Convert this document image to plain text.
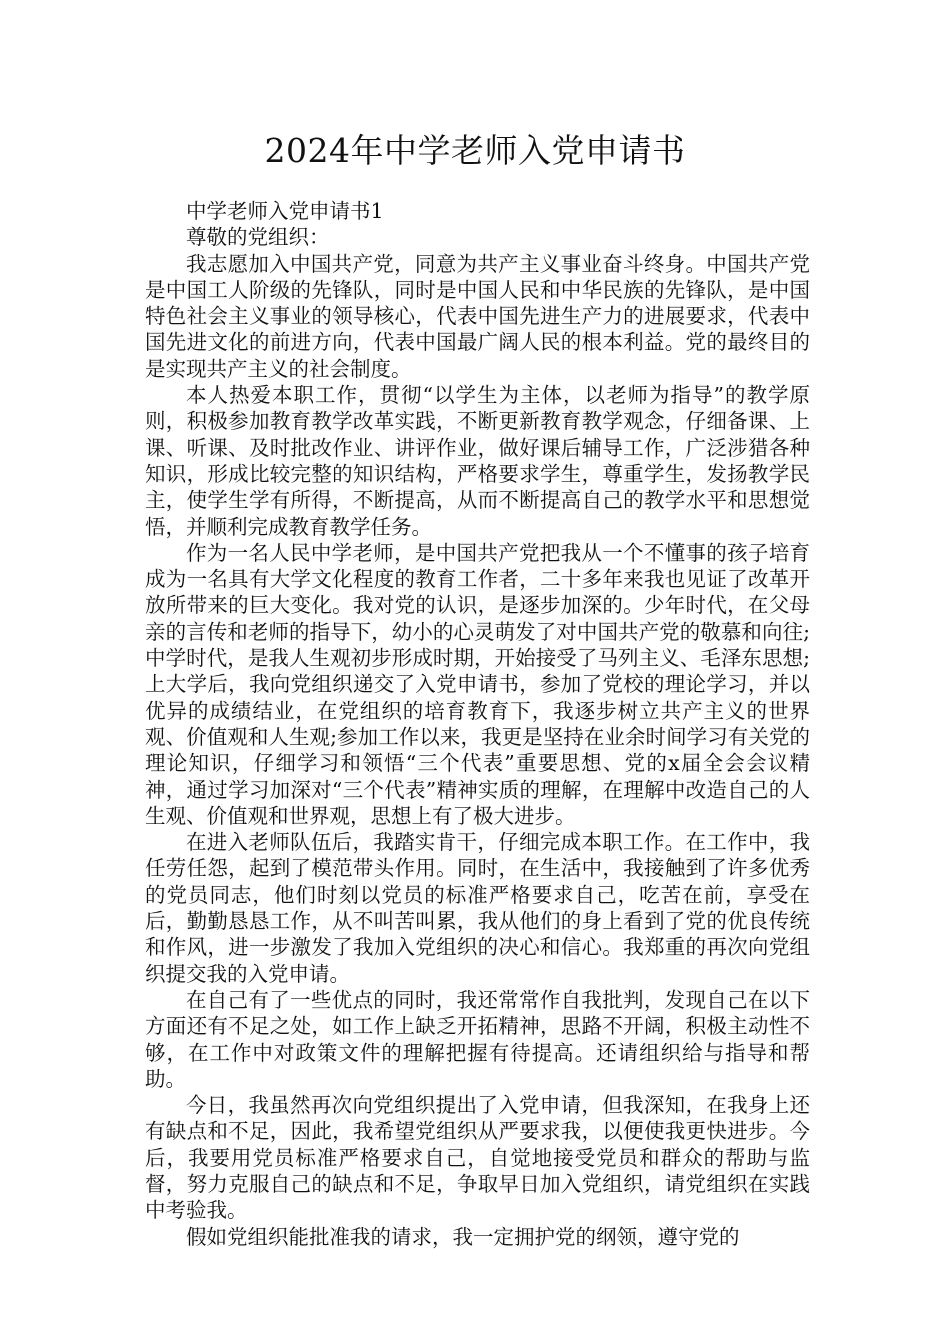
2024年中学老师入党申请书

中学老师入党申请书1

尊敬的党组织：

我志愿加入中国共产党，同意为共产主义事业奋斗终身。中国共产党是中国工人阶级的先锋队，同时是中国人民和中华民族的先锋队，是中国特色社会主义事业的领导核心，代表中国先进生产力的进展要求，代表中国先进文化的前进方向，代表中国最广阔人民的根本利益。党的最终目的是实现共产主义的社会制度。

本人热爱本职工作，贯彻“以学生为主体，以老师为指导”的教学原则，积极参加教育教学改革实践，不断更新教育教学观念，仔细备课、上课、听课、及时批改作业、讲评作业，做好课后辅导工作，广泛涉猎各种知识，形成比较完整的知识结构，严格要求学生，尊重学生，发扬教学民主，使学生学有所得，不断提高，从而不断提高自己的教学水平和思想觉悟，并顺利完成教育教学任务。

作为一名人民中学老师，是中国共产党把我从一个不懂事的孩子培育成为一名具有大学文化程度的教育工作者，二十多年来我也见证了改革开放所带来的巨大变化。我对党的认识，是逐步加深的。少年时代，在父母亲的言传和老师的指导下，幼小的心灵萌发了对中国共产党的敬慕和向往;中学时代，是我人生观初步形成时期，开始接受了马列主义、毛泽东思想;上大学后，我向党组织递交了入党申请书，参加了党校的理论学习，并以优异的成绩结业，在党组织的培育教育下，我逐步树立共产主义的世界观、价值观和人生观;参加工作以来，我更是坚持在业余时间学习有关党的理论知识，仔细学习和领悟“三个代表”重要思想、党的x届全会会议精神，通过学习加深对“三个代表”精神实质的理解，在理解中改造自己的人生观、价值观和世界观，思想上有了极大进步。

在进入老师队伍后，我踏实肯干，仔细完成本职工作。在工作中，我任劳任怨，起到了模范带头作用。同时，在生活中，我接触到了许多优秀的党员同志，他们时刻以党员的标准严格要求自己，吃苦在前，享受在后，勤勤恳恳工作，从不叫苦叫累，我从他们的身上看到了党的优良传统和作风，进一步激发了我加入党组织的决心和信心。我郑重的再次向党组织提交我的入党申请。

在自己有了一些优点的同时，我还常常作自我批判，发现自己在以下方面还有不足之处，如工作上缺乏开拓精神，思路不开阔，积极主动性不够，在工作中对政策文件的理解把握有待提高。还请组织给与指导和帮助。

今日，我虽然再次向党组织提出了入党申请，但我深知，在我身上还有缺点和不足，因此，我希望党组织从严要求我，以便使我更快进步。今后，我要用党员标准严格要求自己，自觉地接受党员和群众的帮助与监督，努力克服自己的缺点和不足，争取早日加入党组织，请党组织在实践中考验我。

假如党组织能批准我的请求，我一定拥护党的纲领，遵守党的
